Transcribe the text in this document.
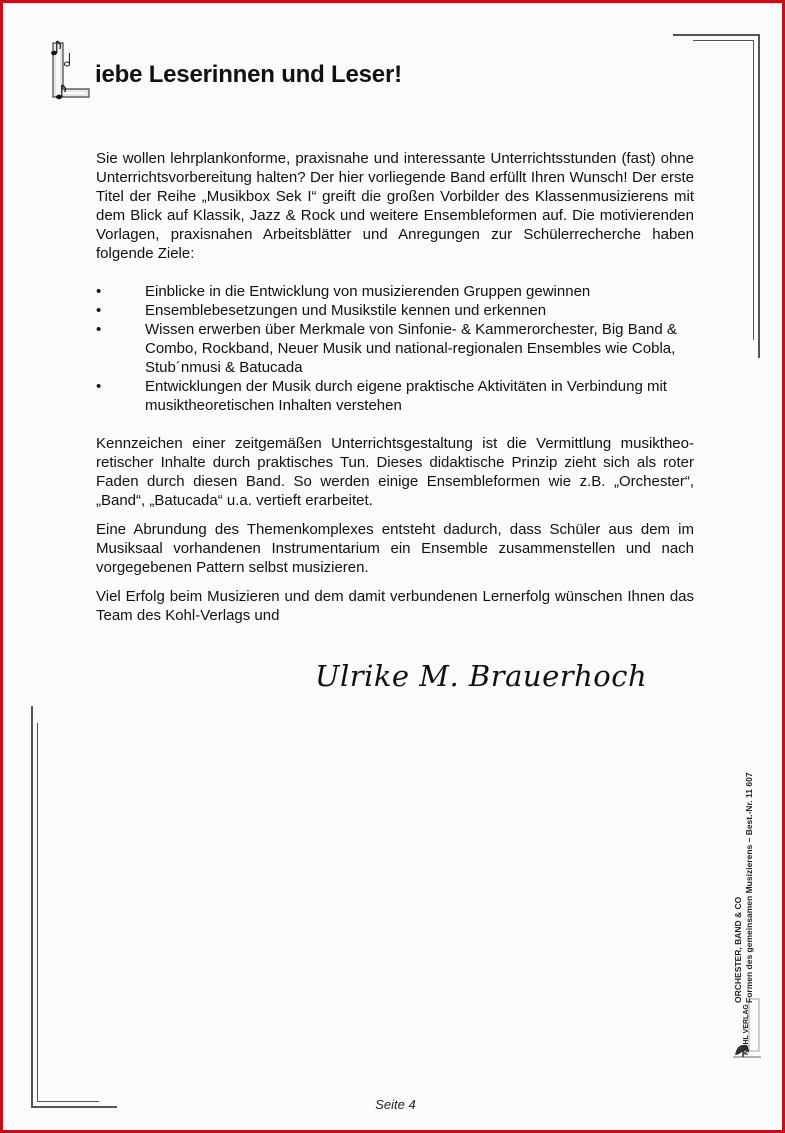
iebe Leserinnen und Leser!

Sie wollen lehrplankonforme, praxisnahe und interessante Unterrichtsstunden (fast) ohne Unterrichtsvorbereitung halten? Der hier vorliegende Band erfüllt Ihren Wunsch! Der erste Titel der Reihe „Musikbox Sek I“ greift die großen Vorbilder des Klassenmusizierens mit dem Blick auf Klassik, Jazz & Rock und weitere Ensembleformen auf. Die motivierenden Vorlagen, praxisnahen Arbeitsblätter und Anregungen zur Schülerrecherche haben folgende Ziele:

•	Einblicke in die Entwicklung von musizierenden Gruppen gewinnen
•	Ensemblebesetzungen und Musikstile kennen und erkennen
•	Wissen erwerben über Merkmale von Sinfonie- & Kammerorchester, Big Band & Combo, Rockband, Neuer Musik und national-regionalen Ensembles wie Cobla, Stub´nmusi & Batucada
•	Entwicklungen der Musik durch eigene praktische Aktivitäten in Verbindung mit musiktheoretischen Inhalten verstehen

Kennzeichen einer zeitgemäßen Unterrichtsgestaltung ist die Vermittlung musiktheoretischer Inhalte durch praktisches Tun. Dieses didaktische Prinzip zieht sich als roter Faden durch diesen Band. So werden einige Ensembleformen wie z.B. „Orchester“, „Band“, „Batucada“ u.a. vertieft erarbeitet.

Eine Abrundung des Themenkomplexes entsteht dadurch, dass Schüler aus dem im Musiksaal vorhandenen Instrumentarium ein Ensemble zusammenstellen und nach vorgegebenen Pattern selbst musizieren.

Viel Erfolg beim Musizieren und dem damit verbundenen Lernerfolg wünschen Ihnen das Team des Kohl-Verlags und

Ulrike M. Brauerhoch
KOHL VERLAG
ORCHESTER, BAND & CO Formen des gemeinsamen Musizierens – Best.-Nr. 11 607
Seite 4
